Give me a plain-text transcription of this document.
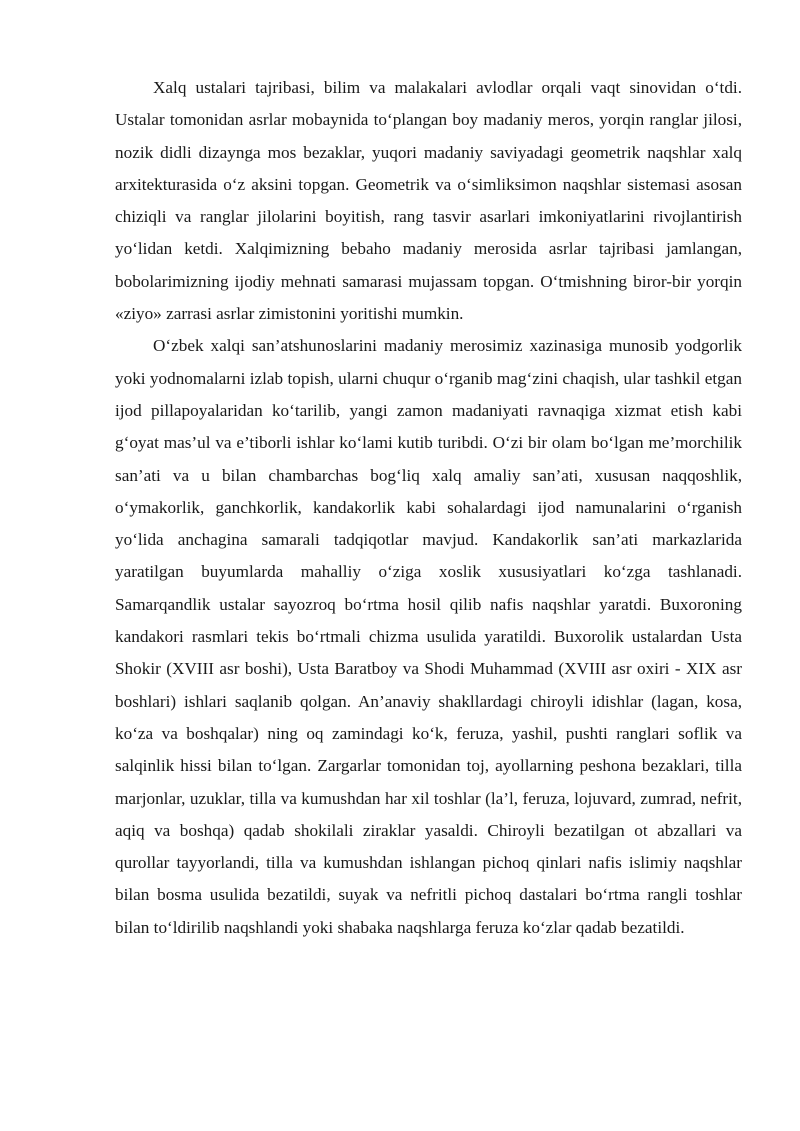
Xalq ustalari tajribasi, bilim va malakalari avlodlar orqali vaqt sinovidan o‘tdi. Ustalar tomonidan asrlar mobaynida to‘plangan boy madaniy meros, yorqin ranglar jilosi, nozik didli dizaynga mos bezaklar, yuqori madaniy saviyadagi geometrik naqshlar xalq arxitekturasida o‘z aksini topgan. Geometrik va o‘simliksimon naqshlar sistemasi asosan chiziqli va ranglar jilolarini boyitish, rang tasvir asarlari imkoniyatlarini rivojlantirish yo‘lidan ketdi. Xalqimizning bebaho madaniy merosida asrlar tajribasi jamlangan, bobolarimizning ijodiy mehnati samarasi mujassam topgan. O‘tmishning biror-bir yorqin «ziyo» zarrasi asrlar zimistonini yoritishi mumkin.

O‘zbek xalqi san’atshunoslarini madaniy merosimiz xazinasiga munosib yodgorlik yoki yodnomalarni izlab topish, ularni chuqur o‘rganib mag‘zini chaqish, ular tashkil etgan ijod pillapoyalaridan ko‘tarilib, yangi zamon madaniyati ravnaqiga xizmat etish kabi g‘oyat mas’ul va e’tiborli ishlar ko‘lami kutib turibdi. O‘zi bir olam bo‘lgan me’morchilik san’ati va u bilan chambarchas bog‘liq xalq amaliy san’ati, xususan naqqoshlik, o‘ymakorlik, ganchkorlik, kandakorlik kabi sohalardagi ijod namunalarini o‘rganish yo‘lida anchagina samarali tadqiqotlar mavjud. Kandakorlik san’ati markazlarida yaratilgan buyumlarda mahalliy o‘ziga xoslik xususiyatlari ko‘zga tashlanadi. Samarqandlik ustalar sayozroq bo‘rtma hosil qilib nafis naqshlar yaratdi. Buxoroning kandakori rasmlari tekis bo‘rtmali chizma usulida yaratildi. Buxorolik ustalardan Usta Shokir (XVIII asr boshi), Usta Baratboy va Shodi Muhammad (XVIII asr oxiri - XIX asr boshlari) ishlari saqlanib qolgan. An’anaviy shakllardagi chiroyli idishlar (lagan, kosa, ko‘za va boshqalar) ning oq zamindagi ko‘k, feruza, yashil, pushti ranglari soflik va salqinlik hissi bilan to‘lgan. Zargarlar tomonidan toj, ayollarning peshona bezaklari, tilla marjonlar, uzuklar, tilla va kumushdan har xil toshlar (la’l, feruza, lojuvard, zumrad, nefrit, aqiq va boshqa) qadab shokilali ziraklar yasaldi. Chiroyli bezatilgan ot abzallari va qurollar tayyorlandi, tilla va kumushdan ishlangan pichoq qinlari nafis islimiy naqshlar bilan bosma usulida bezatildi, suyak va nefritli pichoq dastalari bo‘rtma rangli toshlar bilan to‘ldirilib naqshlandi yoki shabaka naqshlarga feruza ko‘zlar qadab bezatildi.
